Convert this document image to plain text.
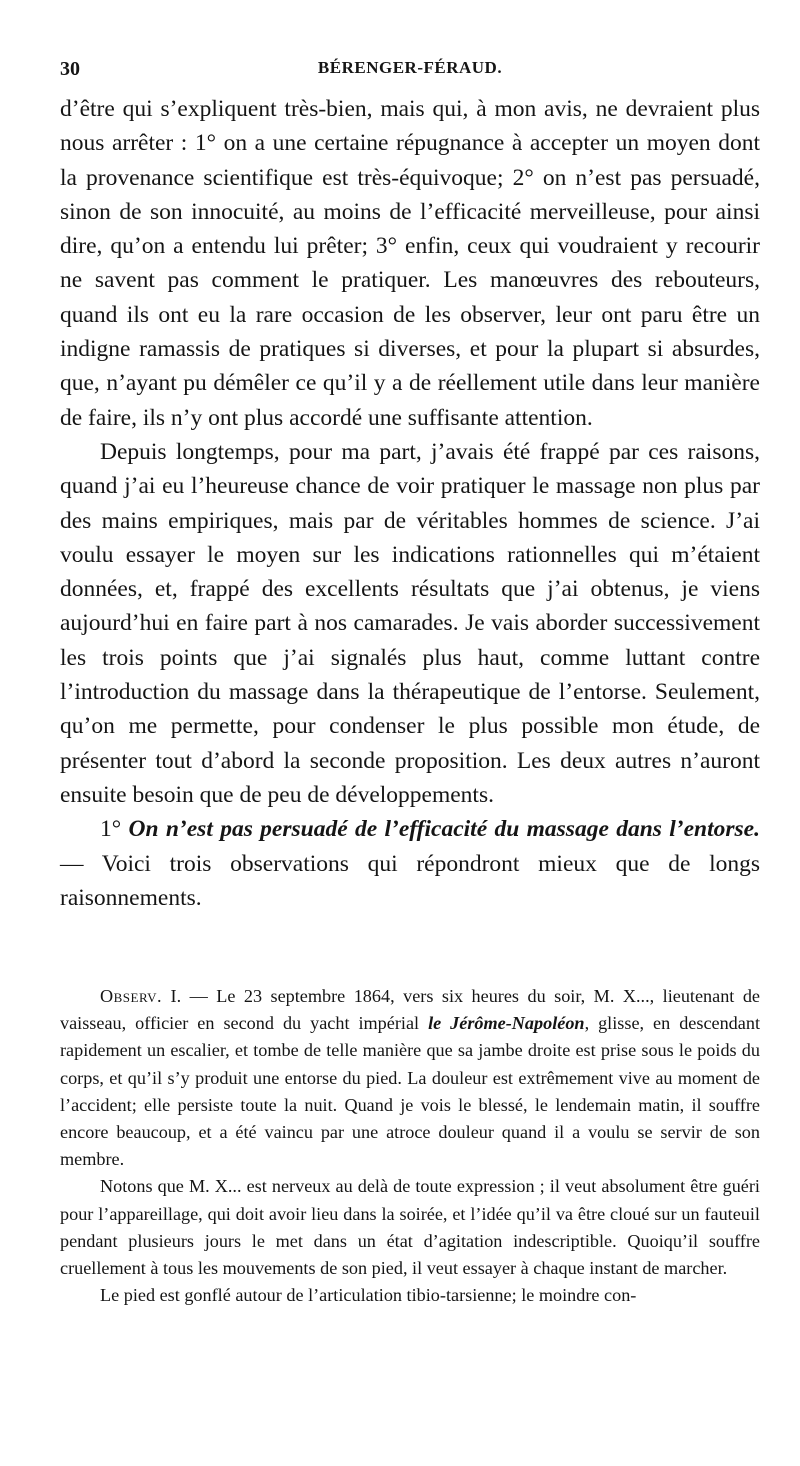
30	BÉRENGER-FÉRAUD.

d’être qui s’expliquent très-bien, mais qui, à mon avis, ne devraient plus nous arrêter : 1° on a une certaine répugnance à accepter un moyen dont la provenance scientifique est très-équivoque; 2° on n’est pas persuadé, sinon de son innocuité, au moins de l’efficacité merveilleuse, pour ainsi dire, qu’on a entendu lui prêter; 3° enfin, ceux qui voudraient y recourir ne savent pas comment le pratiquer. Les manœuvres des rebouteurs, quand ils ont eu la rare occasion de les observer, leur ont paru être un indigne ramassis de pratiques si diverses, et pour la plupart si absurdes, que, n’ayant pu démêler ce qu’il y a de réellement utile dans leur manière de faire, ils n’y ont plus accordé une suffisante attention.

Depuis longtemps, pour ma part, j’avais été frappé par ces raisons, quand j’ai eu l’heureuse chance de voir pratiquer le massage non plus par des mains empiriques, mais par de véritables hommes de science. J’ai voulu essayer le moyen sur les indications rationnelles qui m’étaient données, et, frappé des excellents résultats que j’ai obtenus, je viens aujourd’hui en faire part à nos camarades. Je vais aborder successivement les trois points que j’ai signalés plus haut, comme luttant contre l’introduction du massage dans la thérapeutique de l’entorse. Seulement, qu’on me permette, pour condenser le plus possible mon étude, de présenter tout d’abord la seconde proposition. Les deux autres n’auront ensuite besoin que de peu de développements.

1° On n’est pas persuadé de l’efficacité du massage dans l’entorse. — Voici trois observations qui répondront mieux que de longs raisonnements.

Observ. I. — Le 23 septembre 1864, vers six heures du soir, M. X..., lieutenant de vaisseau, officier en second du yacht impérial le Jérôme-Napoléon, glisse, en descendant rapidement un escalier, et tombe de telle manière que sa jambe droite est prise sous le poids du corps, et qu’il s’y produit une entorse du pied. La douleur est extrêmement vive au moment de l’accident; elle persiste toute la nuit. Quand je vois le blessé, le lendemain matin, il souffre encore beaucoup, et a été vaincu par une atroce douleur quand il a voulu se servir de son membre.

Notons que M. X... est nerveux au delà de toute expression ; il veut absolument être guéri pour l’appareillage, qui doit avoir lieu dans la soirée, et l’idée qu’il va être cloué sur un fauteuil pendant plusieurs jours le met dans un état d’agitation indescriptible. Quoiqu’il souffre cruellement à tous les mouvements de son pied, il veut essayer à chaque instant de marcher.

Le pied est gonflé autour de l’articulation tibio-tarsienne; le moindre con-
